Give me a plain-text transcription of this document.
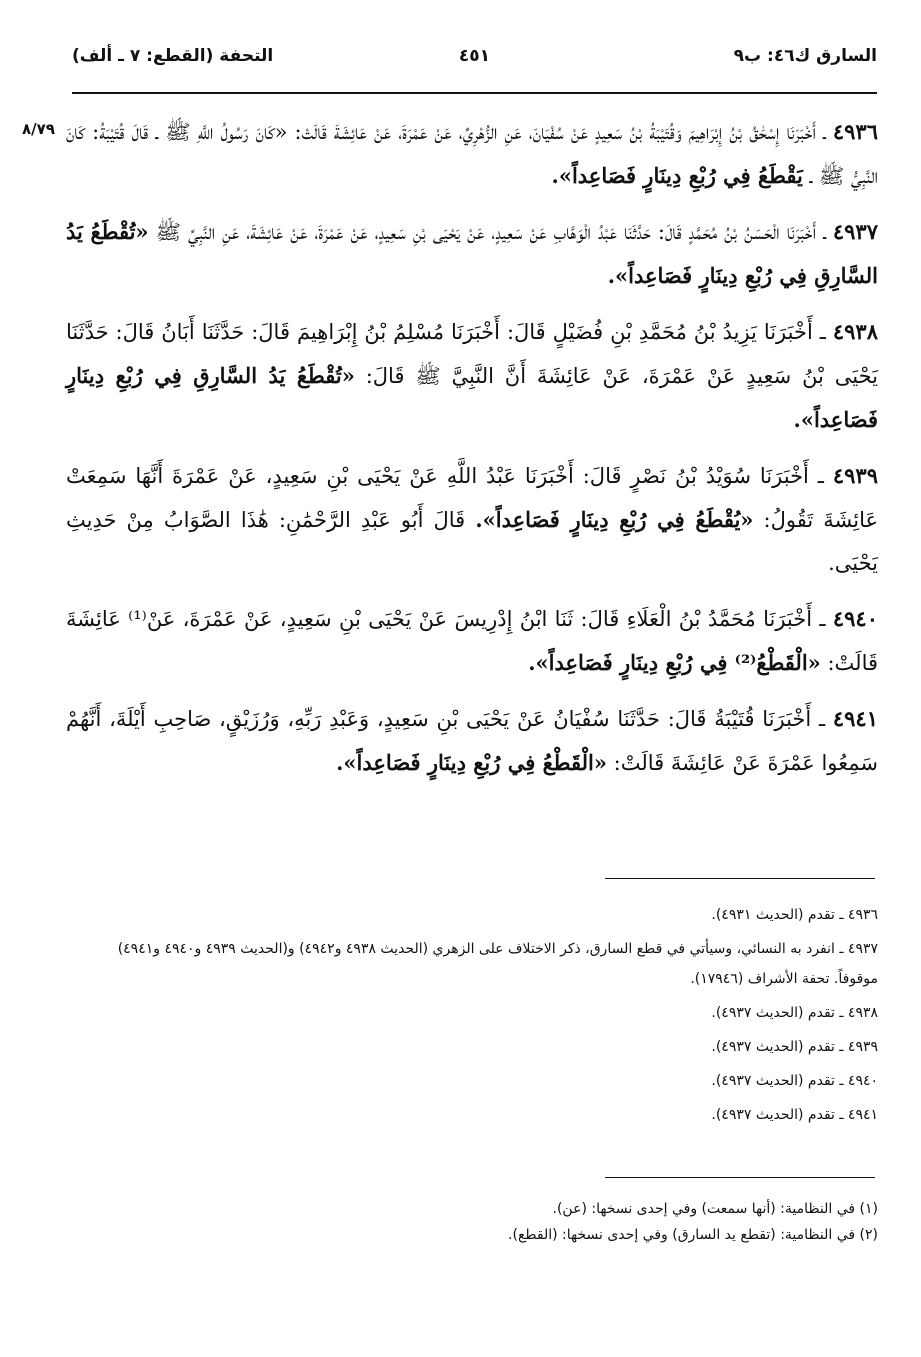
السارق ك٤٦: ب٩
٤٥١
التحفة (القطع: ٧ ـ ألف)
٨/٧٩	٤٩٣٦ ـ أَخْبَرَنَا إِسْحَٰقُ بْنُ إِبْرَاهِيمَ وَقُتَيْبَةُ بْنُ سَعِيدٍ عَنْ سُفْيَانَ، عَنِ الزُّهْرِيِّ، عَنْ عَمْرَةَ، عَنْ عَائِشَةَ قَالَتْ: «كَانَ رَسُولُ اللَّهِ ﷺ ـ قَالَ قُتَيْبَةُ: كَانَ النَّبِيُّ ﷺ ـ يَقْطَعُ فِي رُبْعِ دِينَارٍ فَصَاعِداً».

٤٩٣٧ ـ أَخْبَرَنَا الْحَسَنُ بْنُ مُحَمَّدٍ قَالَ: حَدَّثَنَا عَبْدُ الْوَهَّابِ عَنْ سَعِيدٍ، عَنْ يَحْيَى بْنِ سَعِيدٍ، عَنْ عَمْرَةَ، عَنْ عَائِشَةَ، عَنِ النَّبِيِّ ﷺ «تُقْطَعُ يَدُ السَّارِقِ فِي رُبْعِ دِينَارٍ فَصَاعِداً».

٤٩٣٨ ـ أَخْبَرَنَا يَزِيدُ بْنُ مُحَمَّدِ بْنِ فُضَيْلٍ قَالَ: أَخْبَرَنَا مُسْلِمُ بْنُ إِبْرَاهِيمَ قَالَ: حَدَّثَنَا أَبَانُ قَالَ: حَدَّثَنَا يَحْيَى بْنُ سَعِيدٍ عَنْ عَمْرَةَ، عَنْ عَائِشَةَ أَنَّ النَّبِيَّ ﷺ قَالَ: «تُقْطَعُ يَدُ السَّارِقِ فِي رُبْعِ دِينَارٍ فَصَاعِداً».

٤٩٣٩ ـ أَخْبَرَنَا سُوَيْدُ بْنُ نَصْرٍ قَالَ: أَخْبَرَنَا عَبْدُ اللَّهِ عَنْ يَحْيَى بْنِ سَعِيدٍ، عَنْ عَمْرَةَ أَنَّهَا سَمِعَتْ عَائِشَةَ تَقُولُ: «يُقْطَعُ فِي رُبْعِ دِينَارٍ فَصَاعِداً». قَالَ أَبُو عَبْدِ الرَّحْمَٰنِ: هَٰذَا الصَّوَابُ مِنْ حَدِيثِ يَحْيَى.

٤٩٤٠ ـ أَخْبَرَنَا مُحَمَّدُ بْنُ الْعَلَاءِ قَالَ: ثَنَا ابْنُ إِدْرِيسَ عَنْ يَحْيَى بْنِ سَعِيدٍ، عَنْ عَمْرَةَ، عَنْ⁽¹⁾ عَائِشَةَ قَالَتْ: «الْقَطْعُ⁽²⁾ فِي رُبْعِ دِينَارٍ فَصَاعِداً».

٤٩٤١ ـ أَخْبَرَنَا قُتَيْبَةُ قَالَ: حَدَّثَنَا سُفْيَانُ عَنْ يَحْيَى بْنِ سَعِيدٍ، وَعَبْدِ رَبِّهِ، وَرُزَيْقٍ، صَاحِبِ أَيْلَةَ، أَنَّهُمْ سَمِعُوا عَمْرَةَ عَنْ عَائِشَةَ قَالَتْ: «الْقَطْعُ فِي رُبْعِ دِينَارٍ فَصَاعِداً».

٤٩٣٦ ـ تقدم (الحديث ٤٩٣١).

٤٩٣٧ ـ انفرد به النسائي، وسيأتي في قطع السارق، ذكر الاختلاف على الزهري (الحديث ٤٩٣٨ و٤٩٤٢) و(الحديث ٤٩٣٩ و٤٩٤٠ و٤٩٤١) موقوفاً. تحفة الأشراف (١٧٩٤٦).

٤٩٣٨ ـ تقدم (الحديث ٤٩٣٧).

٤٩٣٩ ـ تقدم (الحديث ٤٩٣٧).

٤٩٤٠ ـ تقدم (الحديث ٤٩٣٧).

٤٩٤١ ـ تقدم (الحديث ٤٩٣٧).

(١) في النظامية: (أنها سمعت) وفي إحدى نسخها: (عن).
(٢) في النظامية: (تقطع يد السارق) وفي إحدى نسخها: (القطع).
